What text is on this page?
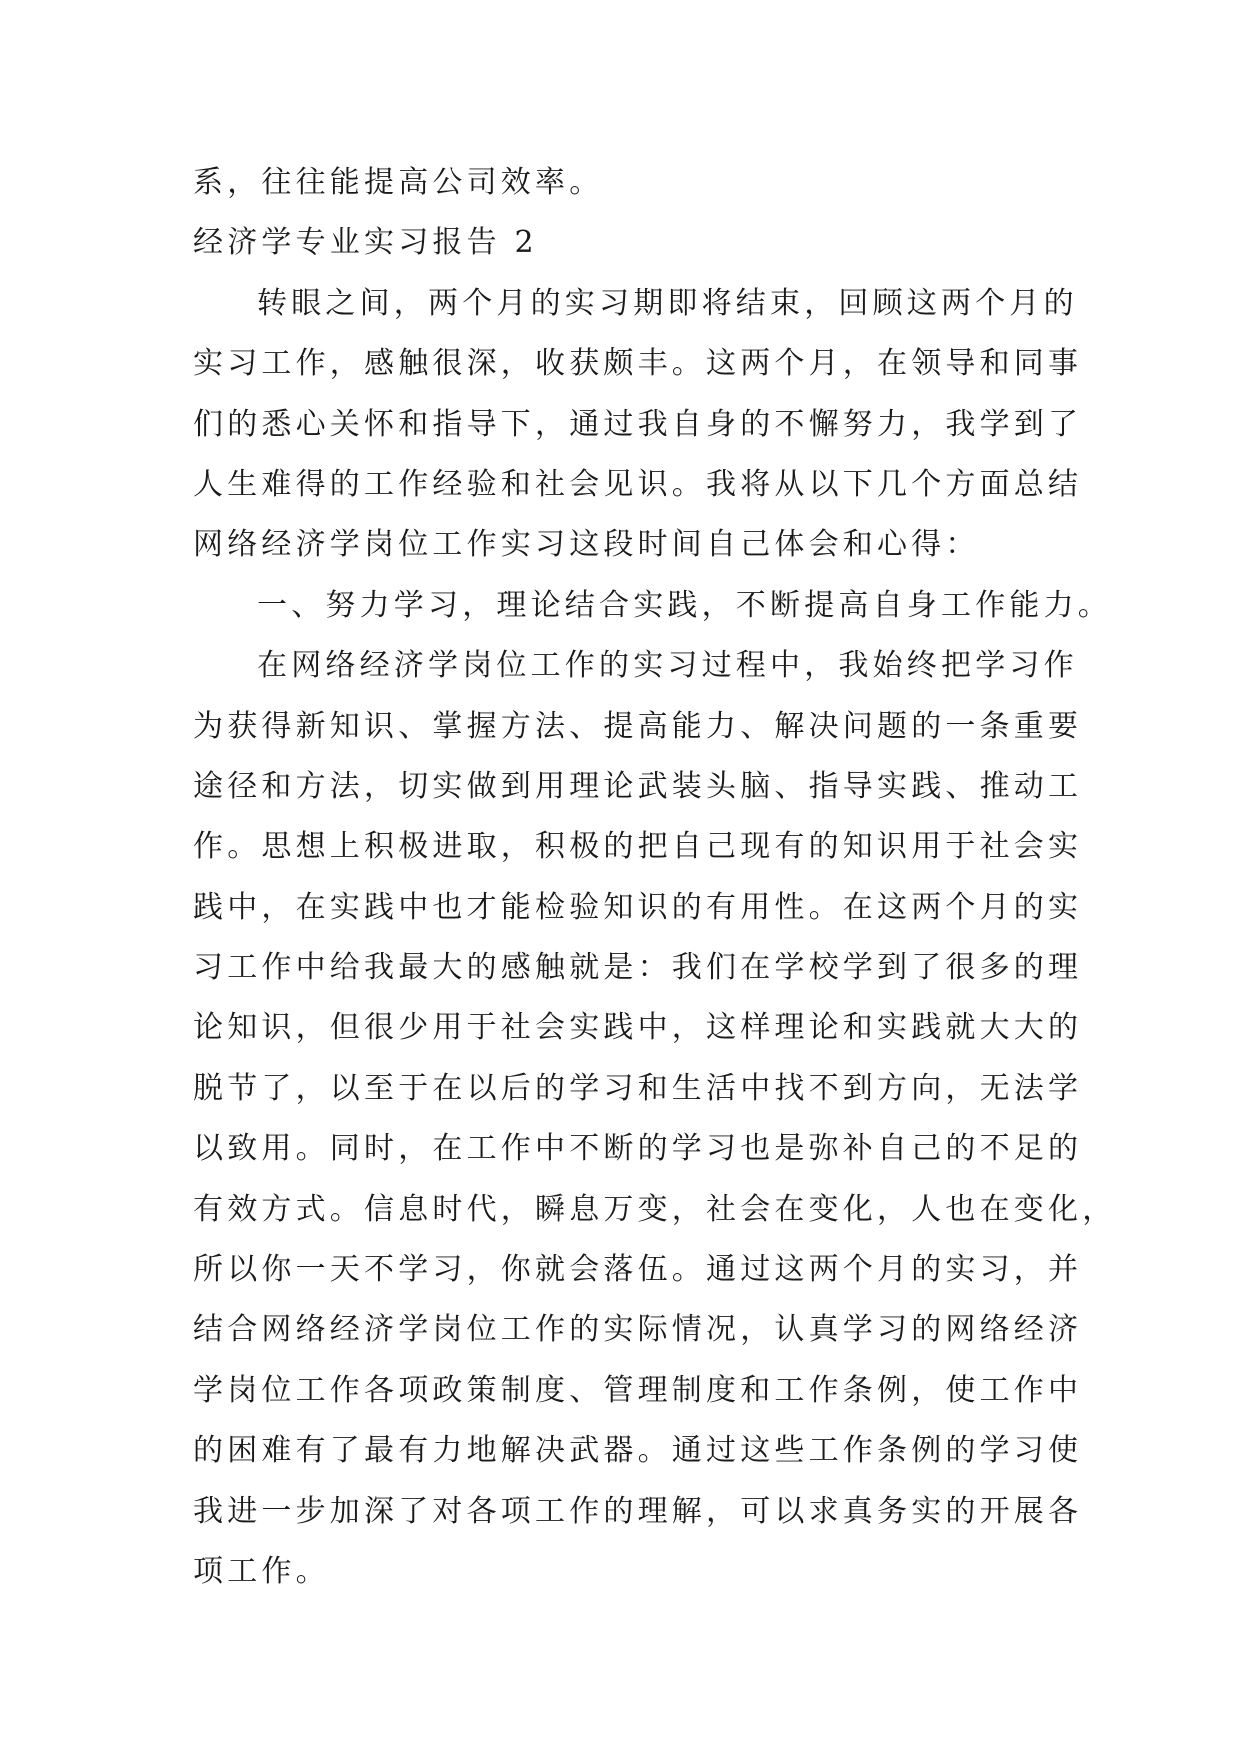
系，往往能提高公司效率。
经济学专业实习报告 2
转眼之间，两个月的实习期即将结束，回顾这两个月的
实习工作，感触很深，收获颇丰。这两个月，在领导和同事
们的悉心关怀和指导下，通过我自身的不懈努力，我学到了
人生难得的工作经验和社会见识。我将从以下几个方面总结
网络经济学岗位工作实习这段时间自己体会和心得：
一、努力学习，理论结合实践，不断提高自身工作能力。
在网络经济学岗位工作的实习过程中，我始终把学习作
为获得新知识、掌握方法、提高能力、解决问题的一条重要
途径和方法，切实做到用理论武装头脑、指导实践、推动工
作。思想上积极进取，积极的把自己现有的知识用于社会实
践中，在实践中也才能检验知识的有用性。在这两个月的实
习工作中给我最大的感触就是：我们在学校学到了很多的理
论知识，但很少用于社会实践中，这样理论和实践就大大的
脱节了，以至于在以后的学习和生活中找不到方向，无法学
以致用。同时，在工作中不断的学习也是弥补自己的不足的
有效方式。信息时代，瞬息万变，社会在变化，人也在变化，
所以你一天不学习，你就会落伍。通过这两个月的实习，并
结合网络经济学岗位工作的实际情况，认真学习的网络经济
学岗位工作各项政策制度、管理制度和工作条例，使工作中
的困难有了最有力地解决武器。通过这些工作条例的学习使
我进一步加深了对各项工作的理解，可以求真务实的开展各
项工作。
